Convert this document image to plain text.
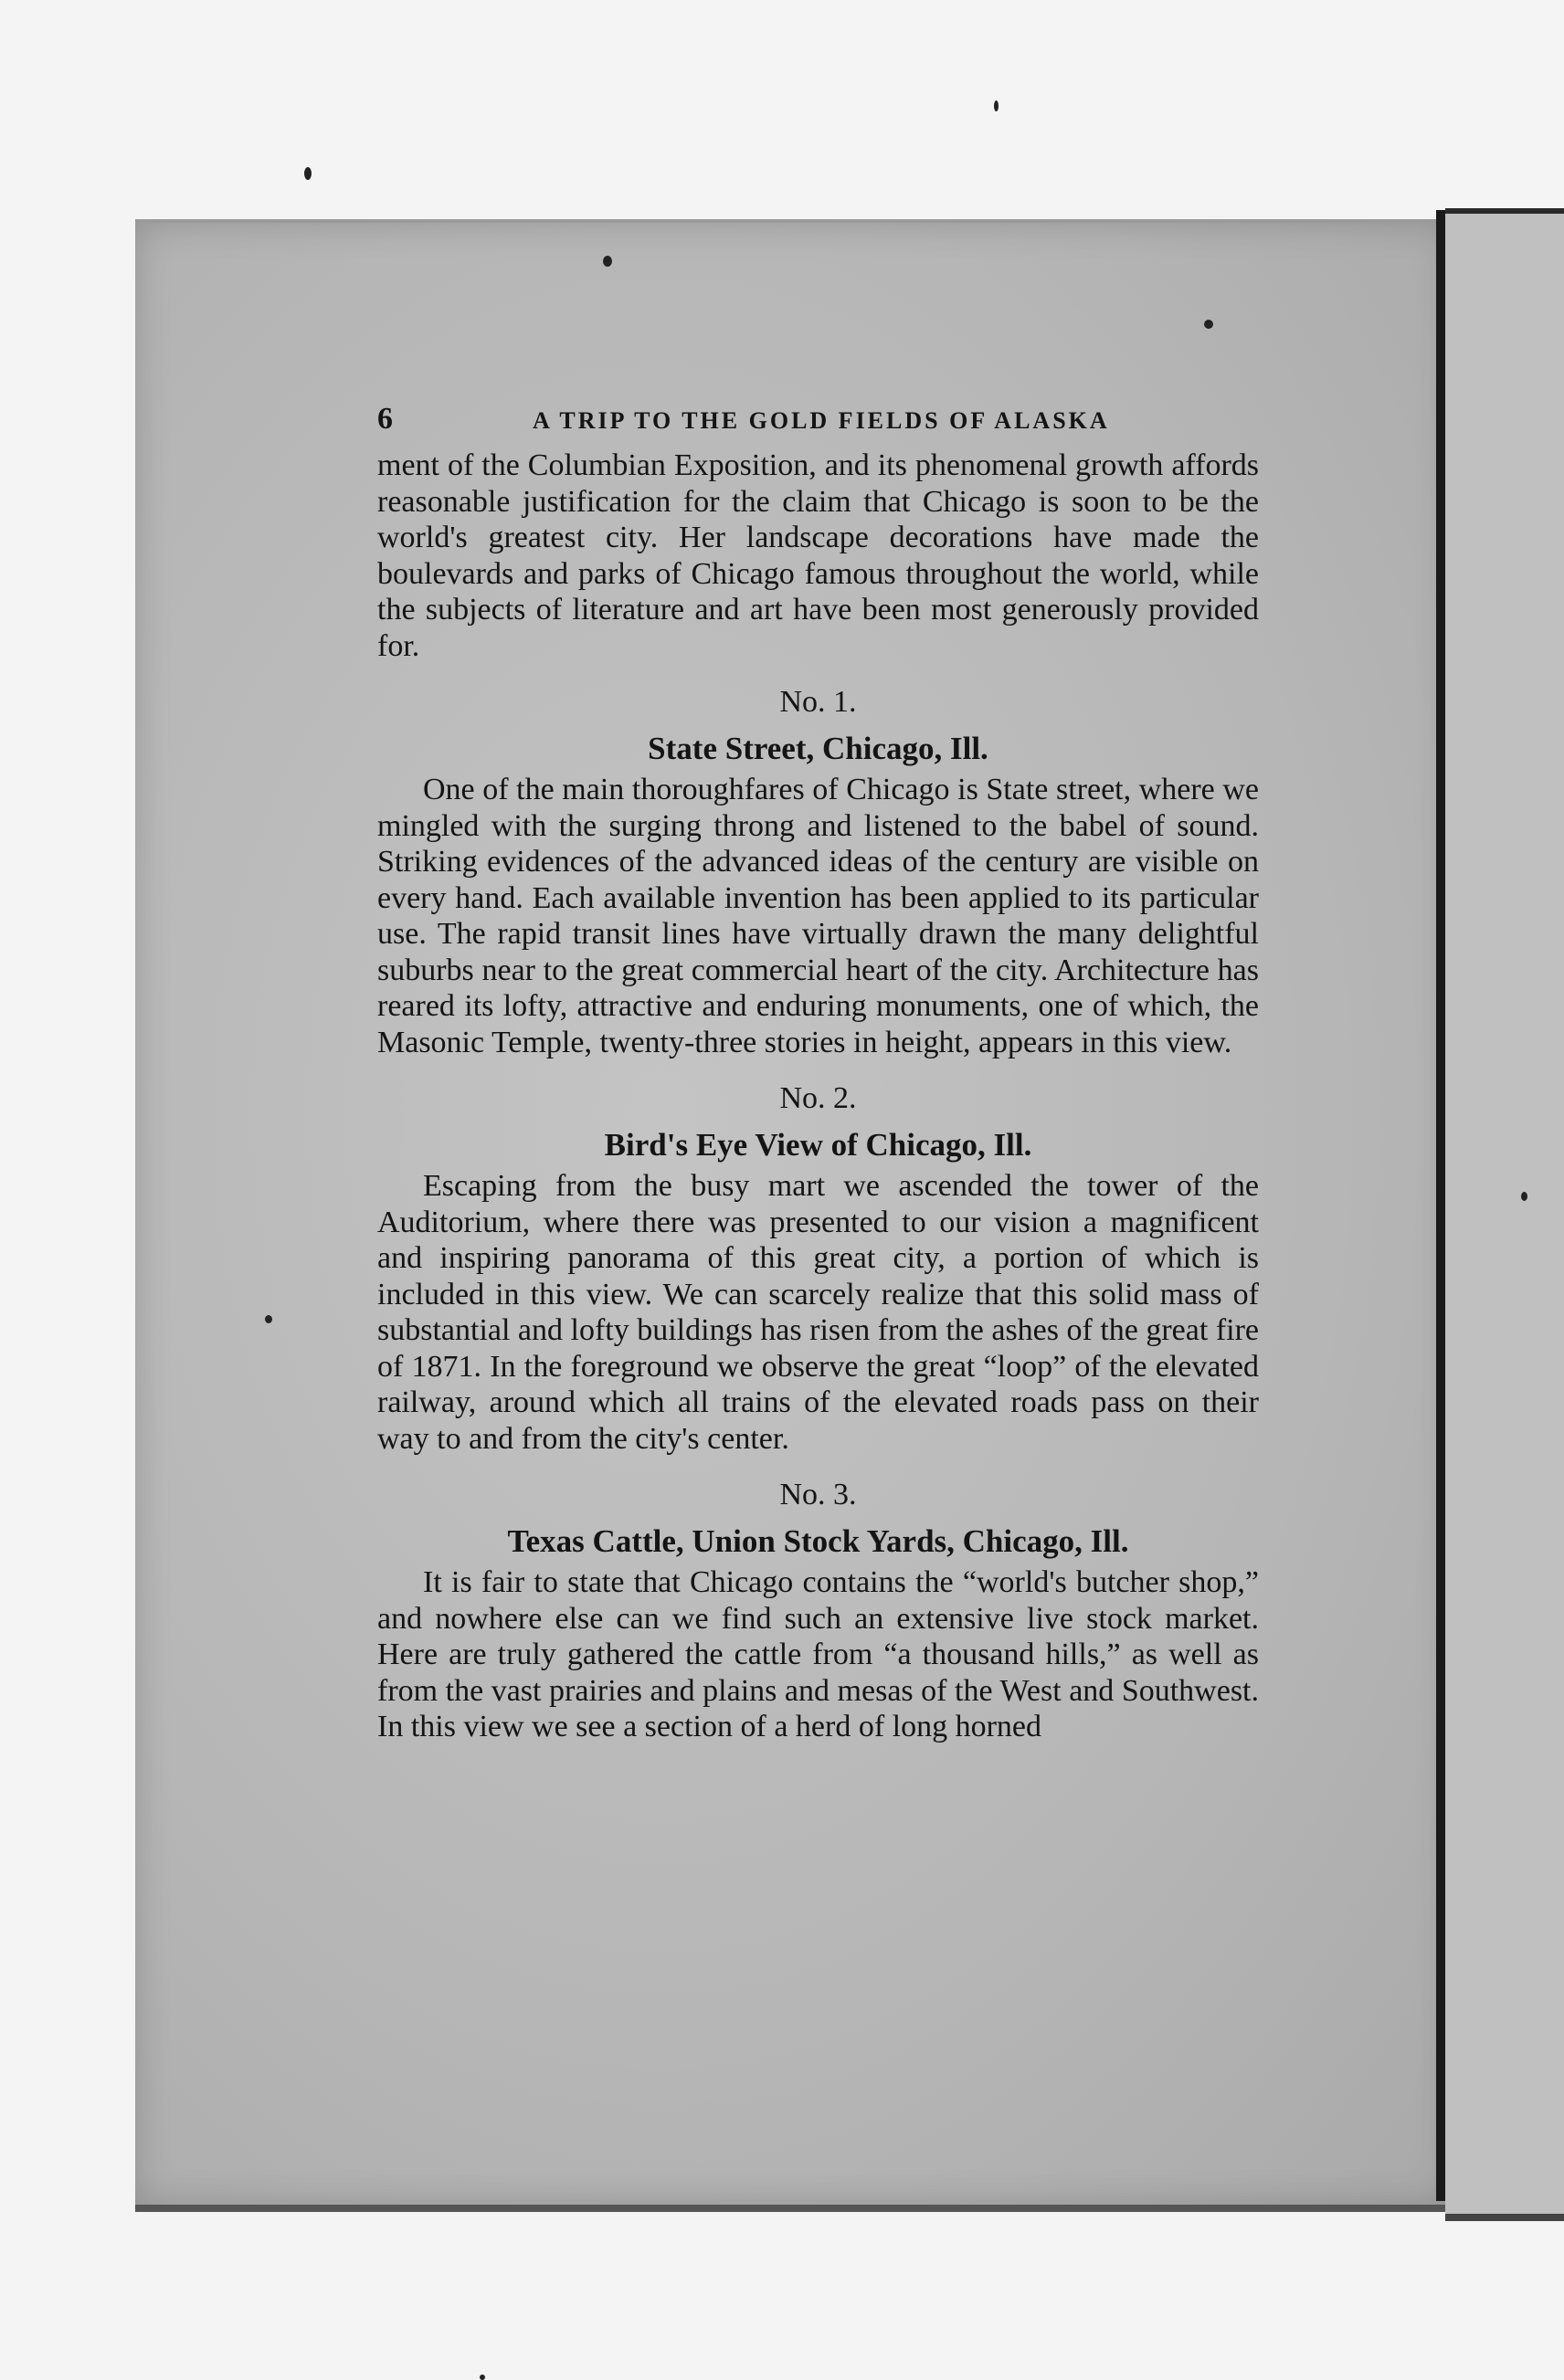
6	A TRIP TO THE GOLD FIELDS OF ALASKA

ment of the Columbian Exposition, and its phenomenal growth affords reasonable justification for the claim that Chicago is soon to be the world's greatest city. Her landscape decorations have made the boulevards and parks of Chicago famous throughout the world, while the subjects of literature and art have been most generously provided for.

No. 1.
State Street, Chicago, Ill.

One of the main thoroughfares of Chicago is State street, where we mingled with the surging throng and listened to the babel of sound. Striking evidences of the advanced ideas of the century are visible on every hand. Each available invention has been applied to its particular use. The rapid transit lines have virtually drawn the many delightful suburbs near to the great commercial heart of the city. Architecture has reared its lofty, attractive and enduring monuments, one of which, the Masonic Temple, twenty-three stories in height, appears in this view.

No. 2.
Bird's Eye View of Chicago, Ill.

Escaping from the busy mart we ascended the tower of the Auditorium, where there was presented to our vision a magnificent and inspiring panorama of this great city, a portion of which is included in this view. We can scarcely realize that this solid mass of substantial and lofty buildings has risen from the ashes of the great fire of 1871. In the foreground we observe the great “loop” of the elevated railway, around which all trains of the elevated roads pass on their way to and from the city's center.

No. 3.
Texas Cattle, Union Stock Yards, Chicago, Ill.

It is fair to state that Chicago contains the “world's butcher shop,” and nowhere else can we find such an extensive live stock market. Here are truly gathered the cattle from “a thousand hills,” as well as from the vast prairies and plains and mesas of the West and Southwest. In this view we see a section of a herd of long horned
